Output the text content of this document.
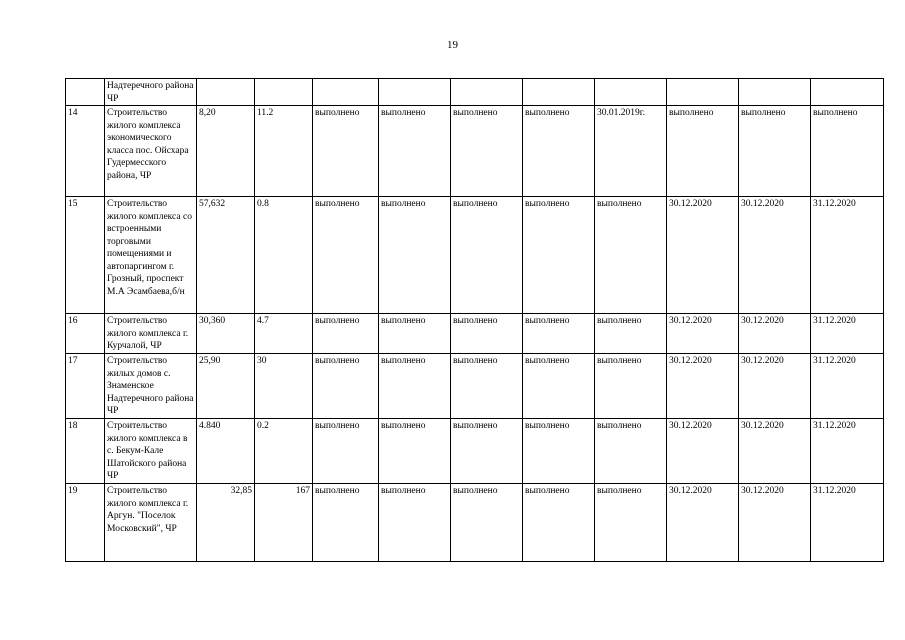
19
	Надтеречного района ЧР										
14	Строительство жилого комплекса экономического класса пос. Ойсхара Гудермесского района, ЧР	8,20	11.2	выполнено	выполнено	выполнено	выполнено	30.01.2019г.	выполнено	выполнено	выполнено
15	Строительство жилого комплекса со встроенными торговыми помещениями и автопаргингом г. Грозный, проспект М.А Эсамбаева,б/н	57,632	0.8	выполнено	выполнено	выполнено	выполнено	выполнено	30.12.2020	30.12.2020	31.12.2020
16	Строительство жилого комплекса г. Курчалой, ЧР	30,360	4.7	выполнено	выполнено	выполнено	выполнено	выполнено	30.12.2020	30.12.2020	31.12.2020
17	Строительство жилых домов с. Знаменское Надтеречного района ЧР	25,90	30	выполнено	выполнено	выполнено	выполнено	выполнено	30.12.2020	30.12.2020	31.12.2020
18	Строительство жилого комплекса в с. Бекум-Кале Шатойского района ЧР	4.840	0.2	выполнено	выполнено	выполнено	выполнено	выполнено	30.12.2020	30.12.2020	31.12.2020
19	Строительство жилого комплекса г. Аргун. "Поселок Московский", ЧР	32,85	167	выполнено	выполнено	выполнено	выполнено	выполнено	30.12.2020	30.12.2020	31.12.2020
